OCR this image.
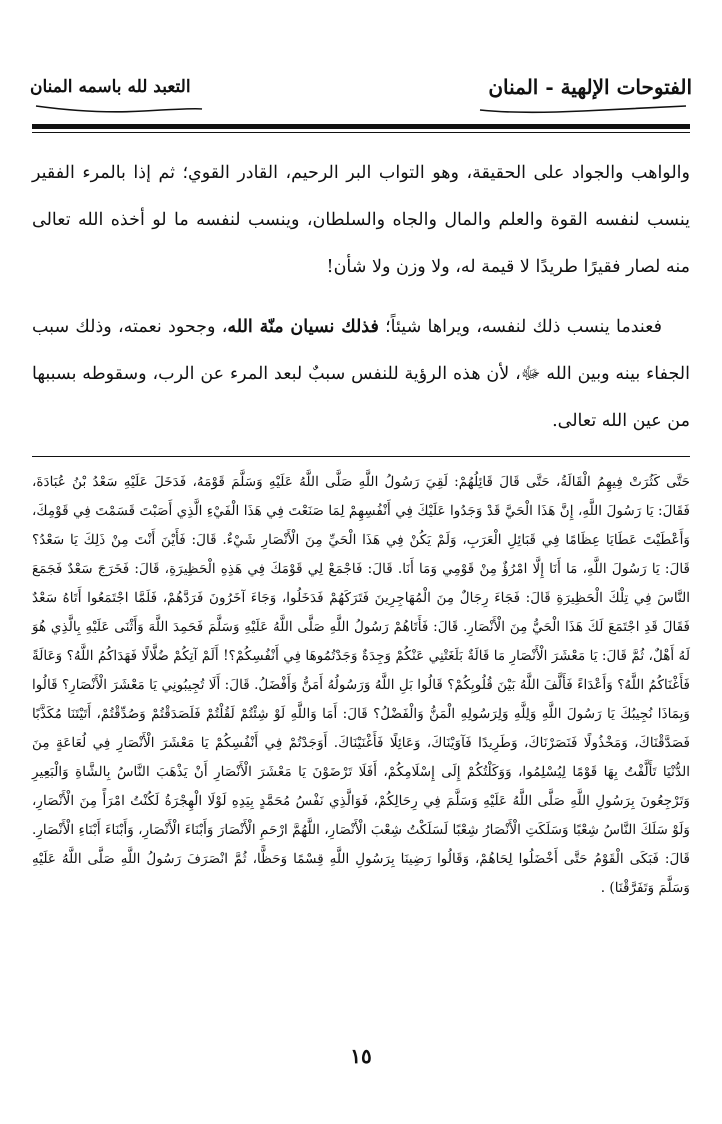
الفتوحات الإلهية - المنان
التعبد لله باسمه المنان

والواهب والجواد على الحقيقة، وهو التواب البر الرحيم، القادر القوي؛ ثم إذا بالمرء الفقير ينسب لنفسه القوة والعلم والمال والجاه والسلطان، وينسب لنفسه ما لو أخذه الله تعالى منه لصار فقيرًا طريدًا لا قيمة له، ولا وزن ولا شأن!

فعندما ينسب ذلك لنفسه، ويراها شيئاً؛ فذلك نسيان منّة الله، وجحود نعمته، وذلك سبب الجفاء بينه وبين الله ﷻ، لأن هذه الرؤية للنفس سببٌ لبعد المرء عن الرب، وسقوطه بسببها من عين الله تعالى.

حَتَّى كَثُرَتْ فِيهِمُ الْقَالَةُ، حَتَّى قَالَ قَائِلُهُمْ: لَقِيَ رَسُولُ اللَّهِ صَلَّى اللَّهُ عَلَيْهِ وَسَلَّمَ قَوْمَهُ، فَدَخَلَ عَلَيْهِ سَعْدُ بْنُ عُبَادَةَ، فَقَالَ: يَا رَسُولَ اللَّهِ، إِنَّ هَذَا الْحَيَّ قَدْ وَجَدُوا عَلَيْكَ فِي أَنْفُسِهِمْ لِمَا صَنَعْتَ فِي هَذَا الْفَيْءِ الَّذِي أَصَبْتَ قَسَمْتَ فِي قَوْمِكَ، وَأَعْطَيْتَ عَطَايَا عِظَامًا فِي قَبَائِلِ الْعَرَبِ، وَلَمْ يَكُنْ فِي هَذَا الْحَيِّ مِنَ الْأَنْصَارِ شَيْءٌ. قَالَ: فَأَيْنَ أَنْتَ مِنْ ذَلِكَ يَا سَعْدُ؟ قَالَ: يَا رَسُولَ اللَّهِ، مَا أَنَا إِلَّا امْرُؤٌ مِنْ قَوْمِي وَمَا أَنَا. قَالَ: فَاجْمَعْ لِي قَوْمَكَ فِي هَذِهِ الْحَظِيرَةِ، قَالَ: فَخَرَجَ سَعْدٌ فَجَمَعَ النَّاسَ فِي تِلْكَ الْحَظِيرَةِ قَالَ: فَجَاءَ رِجَالٌ مِنَ الْمُهَاجِرِينَ فَتَرَكَهُمْ فَدَخَلُوا، وَجَاءَ آخَرُونَ فَرَدَّهُمْ، فَلَمَّا اجْتَمَعُوا أَتَاهُ سَعْدٌ فَقَالَ قَدِ اجْتَمَعَ لَكَ هَذَا الْحَيُّ مِنَ الْأَنْصَارِ. قَالَ: فَأَتَاهُمْ رَسُولُ اللَّهِ صَلَّى اللَّهُ عَلَيْهِ وَسَلَّمَ فَحَمِدَ اللَّهَ وَأَثْنَى عَلَيْهِ بِالَّذِي هُوَ لَهُ أَهْلٌ، ثُمَّ قَالَ: يَا مَعْشَرَ الْأَنْصَارِ مَا قَالَةٌ بَلَغَتْنِي عَنْكُمْ وَجِدَةٌ وَجَدْتُمُوهَا فِي أَنْفُسِكُمْ؟! أَلَمْ آتِكُمْ ضُلَّالًا فَهَدَاكُمُ اللَّهُ؟ وَعَالَةً فَأَغْنَاكُمُ اللَّهُ؟ وَأَعْدَاءً فَأَلَّفَ اللَّهُ بَيْنَ قُلُوبِكُمْ؟ قَالُوا بَلِ اللَّهُ وَرَسُولُهُ أَمَنُّ وَأَفْضَلُ. قَالَ: أَلَا تُجِيبُونِي يَا مَعْشَرَ الْأَنْصَارِ؟ قَالُوا وَبِمَاذَا نُجِيبُكَ يَا رَسُولَ اللَّهِ وَلِلَّهِ وَلِرَسُولِهِ الْمَنُّ وَالْفَضْلُ؟ قَالَ: أَمَا وَاللَّهِ لَوْ شِئْتُمْ لَقُلْتُمْ فَلَصَدَقْتُمْ وَصُدِّقْتُمْ، أَتَيْتَنَا مُكَذَّبًا فَصَدَّقْنَاكَ، وَمَخْذُولًا فَنَصَرْنَاكَ، وَطَرِيدًا فَآوَيْنَاكَ، وَعَائِلًا فَأَغْنَيْنَاكَ. أَوَجَدْتُمْ فِي أَنْفُسِكُمْ يَا مَعْشَرَ الْأَنْصَارِ فِي لُعَاعَةٍ مِنَ الدُّنْيَا تَأَلَّفْتُ بِهَا قَوْمًا لِيُسْلِمُوا، وَوَكَلْتُكُمْ إِلَى إِسْلَامِكُمْ، أَفَلَا تَرْضَوْنَ يَا مَعْشَرَ الْأَنْصَارِ أَنْ يَذْهَبَ النَّاسُ بِالشَّاةِ وَالْبَعِيرِ وَتَرْجِعُونَ بِرَسُولِ اللَّهِ صَلَّى اللَّهُ عَلَيْهِ وَسَلَّمَ فِي رِحَالِكُمْ، فَوَالَّذِي نَفْسُ مُحَمَّدٍ بِيَدِهِ لَوْلَا الْهِجْرَةُ لَكُنْتُ امْرَأً مِنَ الْأَنْصَارِ، وَلَوْ سَلَكَ النَّاسُ شِعْبًا وَسَلَكَتِ الْأَنْصَارُ شِعْبًا لَسَلَكْتُ شِعْبَ الْأَنْصَارِ، اللَّهُمَّ ارْحَمِ الْأَنْصَارَ وَأَبْنَاءَ الْأَنْصَارِ، وَأَبْنَاءَ أَبْنَاءِ الْأَنْصَارِ. قَالَ: فَبَكَى الْقَوْمُ حَتَّى أَخْضَلُوا لِحَاهُمْ، وَقَالُوا رَضِينَا بِرَسُولِ اللَّهِ قِسْمًا وَحَظًّا، ثُمَّ انْصَرَفَ رَسُولُ اللَّهِ صَلَّى اللَّهُ عَلَيْهِ وَسَلَّمَ وَتَفَرَّقْنَا) .

١٥
